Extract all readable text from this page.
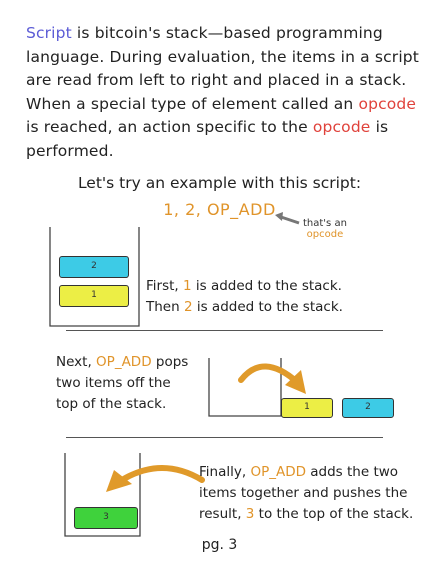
Script is bitcoin's stack—based programming language. During evaluation, the items in a script are read from left to right and placed in a stack. When a special type of element called an opcode is reached, an action specific to the opcode is performed.
Let's try an example with this script:
1, 2, OP_ADD
that's an
opcode
2
1
First, 1 is added to the stack.
Then 2 is added to the stack.
Next, OP_ADD pops
two items off the
top of the stack.	1	2
3
Finally, OP_ADD adds the two
items together and pushes the
result, 3 to the top of the stack.
pg. 3
